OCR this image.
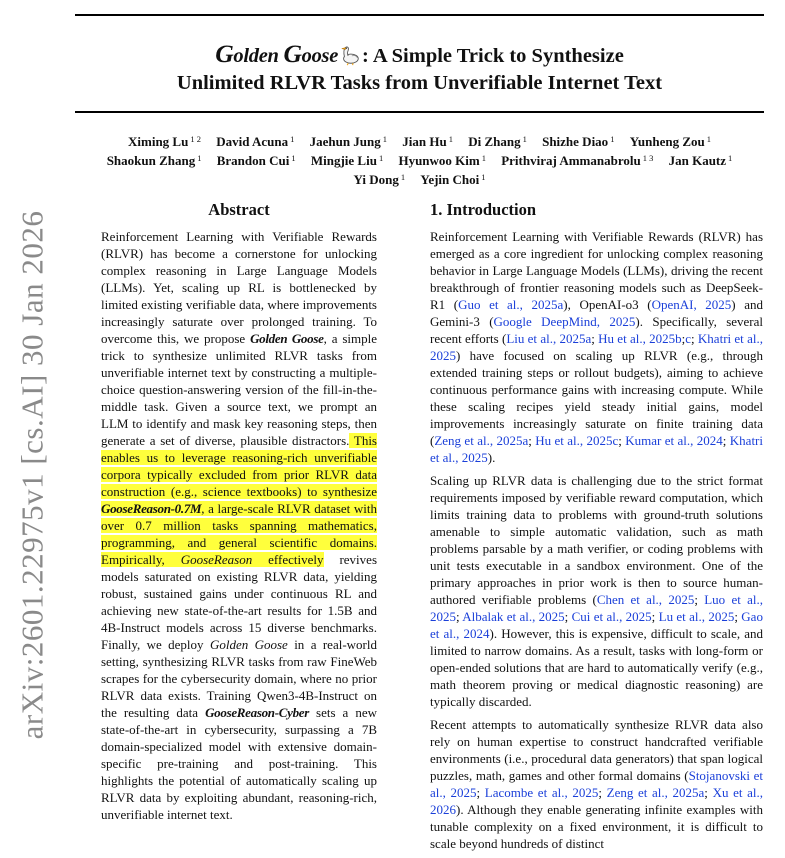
arXiv:2601.22975v1 [cs.AI] 30 Jan 2026
Golden Goose : A Simple Trick to Synthesize
Unlimited RLVR Tasks from Unverifiable Internet Text
Ximing Lu $^{1 2}$ David Acuna $^1$ Jaehun Jung $^1$ Jian Hu $^1$ Di Zhang $^1$ Shizhe Diao $^1$ Yunheng Zou $^1$
Shaokun Zhang $^1$ Brandon Cui $^1$ Mingjie Liu $^1$ Hyunwoo Kim $^1$ Prithviraj Ammanabrolu $^{1 3}$ Jan Kautz $^1$
Yi Dong $^1$ Yejin Choi $^1$
Abstract

Reinforcement Learning with Verifiable Rewards (RLVR) has become a cornerstone for unlocking complex reasoning in Large Language Models (LLMs). Yet, scaling up RL is bottlenecked by limited existing verifiable data, where improvements increasingly saturate over prolonged training. To overcome this, we propose Golden Goose, a simple trick to synthesize unlimited RLVR tasks from unverifiable internet text by constructing a multiple-choice question-answering version of the fill-in-the-middle task. Given a source text, we prompt an LLM to identify and mask key reasoning steps, then generate a set of diverse, plausible distractors. This enables us to leverage reasoning-rich unverifiable corpora typically excluded from prior RLVR data construction (e.g., science textbooks) to synthesize GooseReason-0.7M, a large-scale RLVR dataset with over 0.7 million tasks spanning mathematics, programming, and general scientific domains. Empirically, GooseReason effectively revives models saturated on existing RLVR data, yielding robust, sustained gains under continuous RL and achieving new state-of-the-art results for 1.5B and 4B-Instruct models across 15 diverse benchmarks. Finally, we deploy Golden Goose in a real-world setting, synthesizing RLVR tasks from raw FineWeb scrapes for the cybersecurity domain, where no prior RLVR data exists. Training Qwen3-4B-Instruct on the resulting data GooseReason-Cyber sets a new state-of-the-art in cybersecurity, surpassing a 7B domain-specialized model with extensive domain-specific pre-training and post-training. This highlights the potential of automatically scaling up RLVR data by exploiting abundant, reasoning-rich, unverifiable internet text.

1. Introduction

Reinforcement Learning with Verifiable Rewards (RLVR) has emerged as a core ingredient for unlocking complex reasoning behavior in Large Language Models (LLMs), driving the recent breakthrough of frontier reasoning models such as DeepSeek-R1 (Guo et al., 2025a), OpenAI-o3 (OpenAI, 2025) and Gemini-3 (Google DeepMind, 2025). Specifically, several recent efforts (Liu et al., 2025a; Hu et al., 2025b;c; Khatri et al., 2025) have focused on scaling up RLVR (e.g., through extended training steps or rollout budgets), aiming to achieve continuous performance gains with increasing compute. While these scaling recipes yield steady initial gains, model improvements increasingly saturate on finite training data (Zeng et al., 2025a; Hu et al., 2025c; Kumar et al., 2024; Khatri et al., 2025).

Scaling up RLVR data is challenging due to the strict format requirements imposed by verifiable reward computation, which limits training data to problems with ground-truth solutions amenable to simple automatic validation, such as math problems parsable by a math verifier, or coding problems with unit tests executable in a sandbox environment. One of the primary approaches in prior work is then to source human-authored verifiable problems (Chen et al., 2025; Luo et al., 2025; Albalak et al., 2025; Cui et al., 2025; Lu et al., 2025; Gao et al., 2024). However, this is expensive, difficult to scale, and limited to narrow domains. As a result, tasks with long-form or open-ended solutions that are hard to automatically verify (e.g., math theorem proving or medical diagnostic reasoning) are typically discarded.

Recent attempts to automatically synthesize RLVR data also rely on human expertise to construct handcrafted verifiable environments (i.e., procedural data generators) that span logical puzzles, math, games and other formal domains (Stojanovski et al., 2025; Lacombe et al., 2025; Zeng et al., 2025a; Xu et al., 2026). Although they enable generating infinite examples with tunable complexity on a fixed environment, it is difficult to scale beyond hundreds of distinct
